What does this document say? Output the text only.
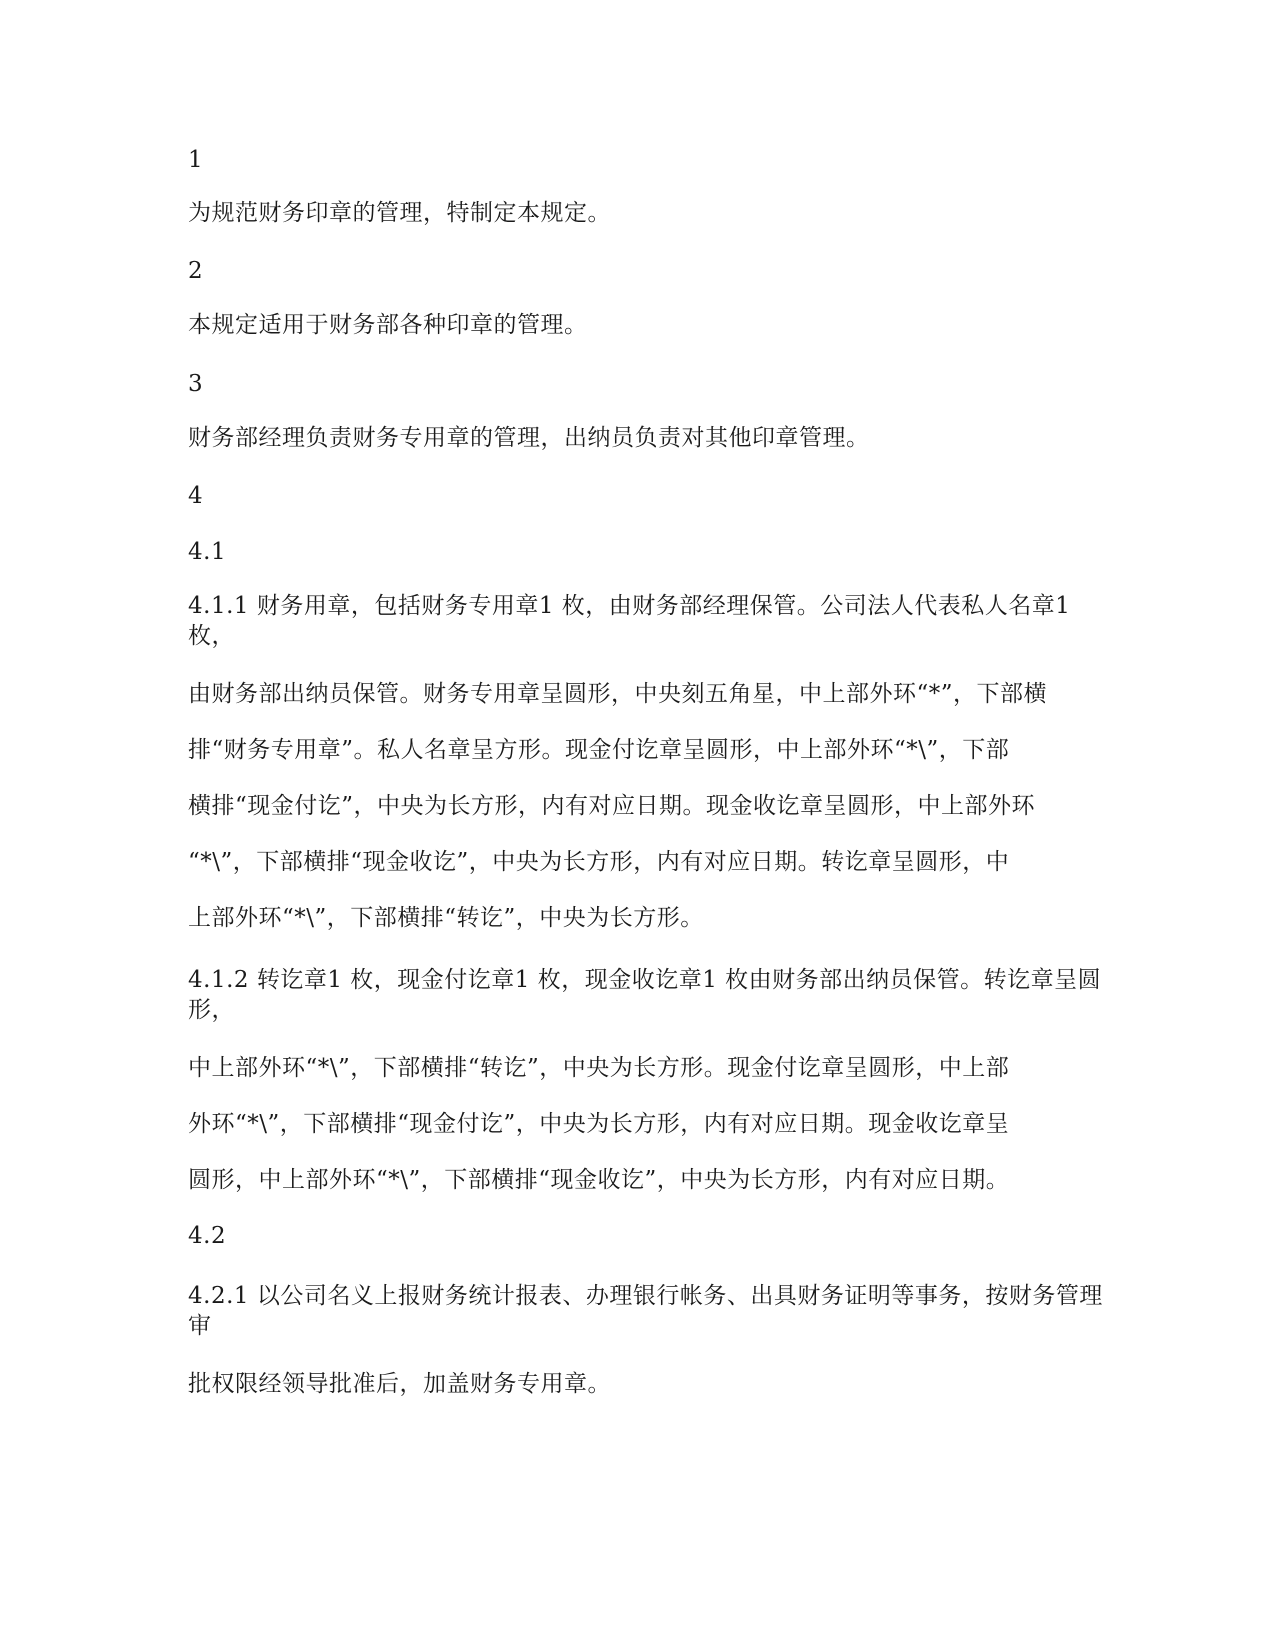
1
为规范财务印章的管理，特制定本规定。
2
本规定适用于财务部各种印章的管理。
3
财务部经理负责财务专用章的管理，出纳员负责对其他印章管理。
4
4.1
4.1.1 财务用章，包括财务专用章1 枚，由财务部经理保管。公司法人代表私人名章1 枚，
由财务部出纳员保管。财务专用章呈圆形，中央刻五角星，中上部外环“*”，下部横
排“财务专用章”。私人名章呈方形。现金付讫章呈圆形，中上部外环“*\”，下部
横排“现金付讫”，中央为长方形，内有对应日期。现金收讫章呈圆形，中上部外环
“*\”，下部横排“现金收讫”，中央为长方形，内有对应日期。转讫章呈圆形，中
上部外环“*\”，下部横排“转讫”，中央为长方形。
4.1.2 转讫章1 枚，现金付讫章1 枚，现金收讫章1 枚由财务部出纳员保管。转讫章呈圆形，
中上部外环“*\”，下部横排“转讫”，中央为长方形。现金付讫章呈圆形，中上部
外环“*\”，下部横排“现金付讫”，中央为长方形，内有对应日期。现金收讫章呈
圆形，中上部外环“*\”，下部横排“现金收讫”，中央为长方形，内有对应日期。
4.2
4.2.1 以公司名义上报财务统计报表、办理银行帐务、出具财务证明等事务，按财务管理审
批权限经领导批准后，加盖财务专用章。
